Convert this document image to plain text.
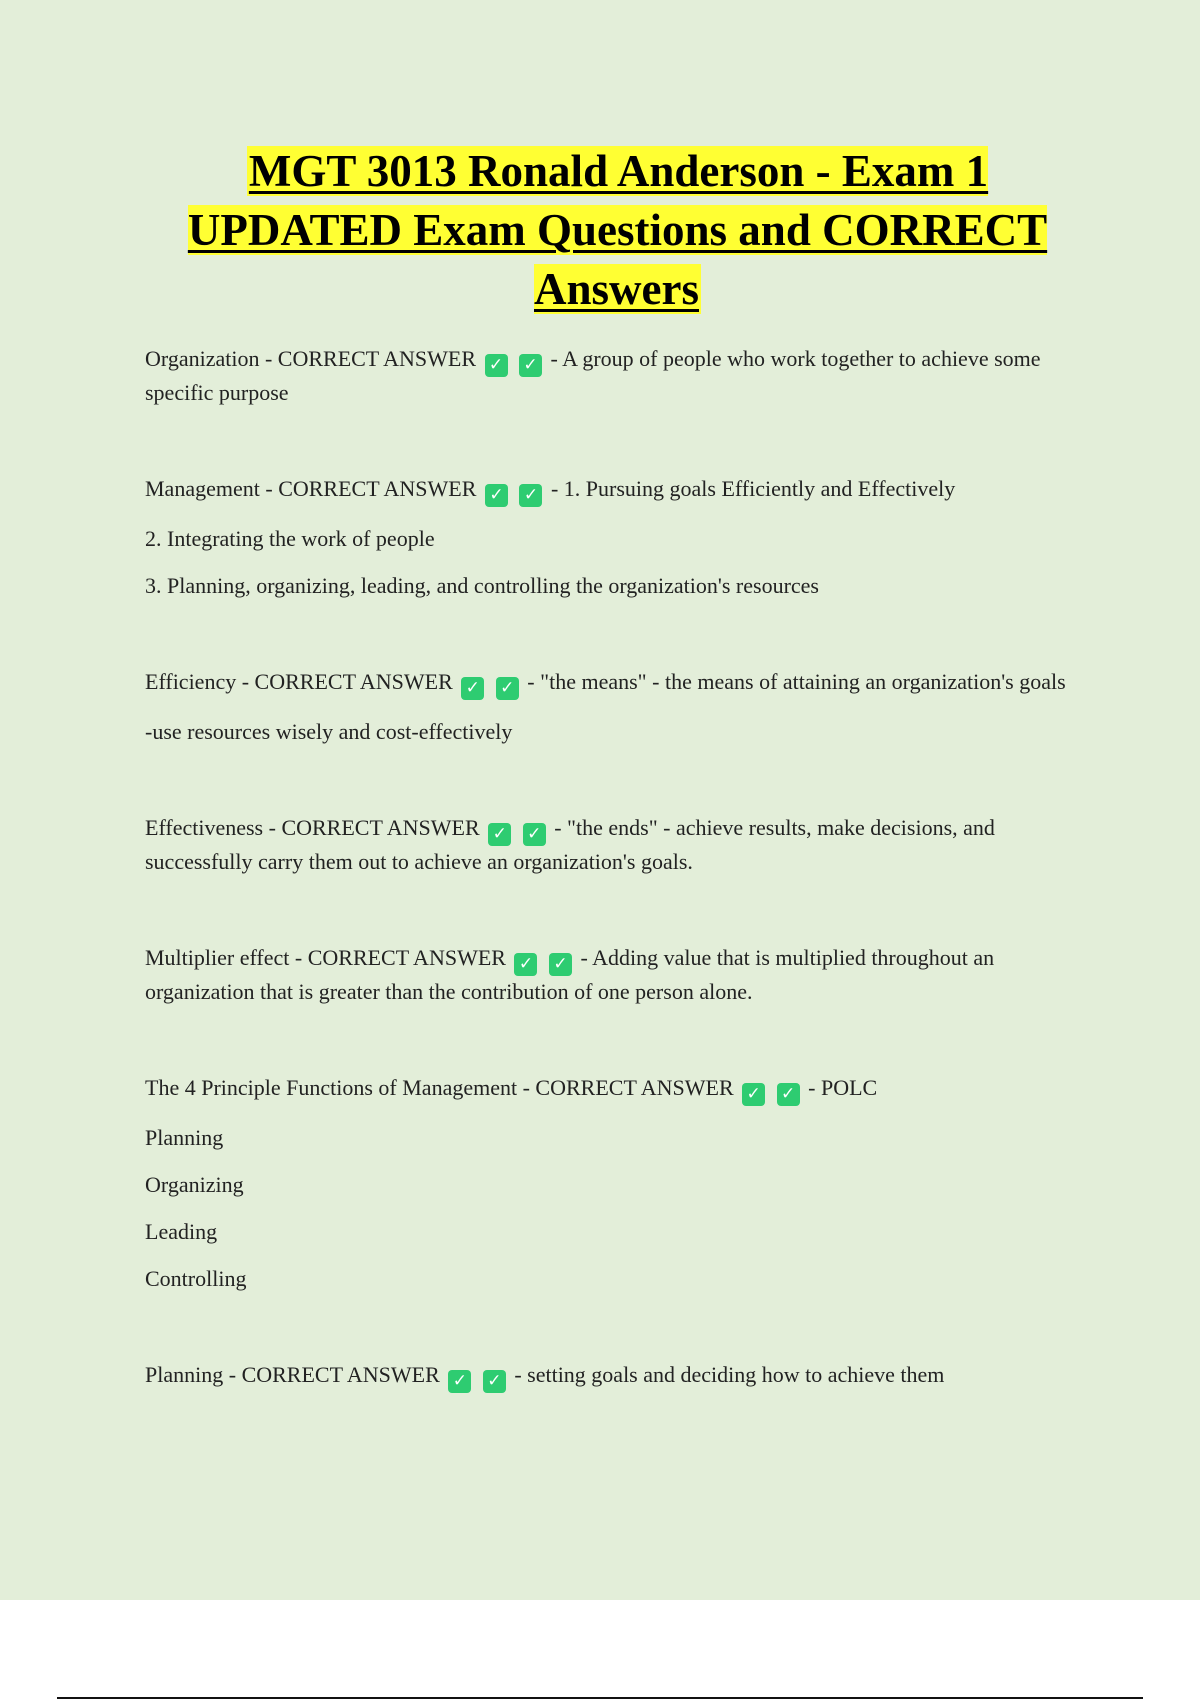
MGT 3013 Ronald Anderson - Exam 1 UPDATED Exam Questions and CORRECT Answers

Organization - CORRECT ANSWER ✓ ✓ - A group of people who work together to achieve some specific purpose

Management - CORRECT ANSWER ✓ ✓ - 1. Pursuing goals Efficiently and Effectively

2. Integrating the work of people

3. Planning, organizing, leading, and controlling the organization's resources

Efficiency - CORRECT ANSWER ✓ ✓ - "the means" - the means of attaining an organization's goals

-use resources wisely and cost-effectively

Effectiveness - CORRECT ANSWER ✓ ✓ - "the ends" - achieve results, make decisions, and successfully carry them out to achieve an organization's goals.

Multiplier effect - CORRECT ANSWER ✓ ✓ - Adding value that is multiplied throughout an organization that is greater than the contribution of one person alone.

The 4 Principle Functions of Management - CORRECT ANSWER ✓ ✓ - POLC

Planning

Organizing

Leading

Controlling

Planning - CORRECT ANSWER ✓ ✓ - setting goals and deciding how to achieve them
